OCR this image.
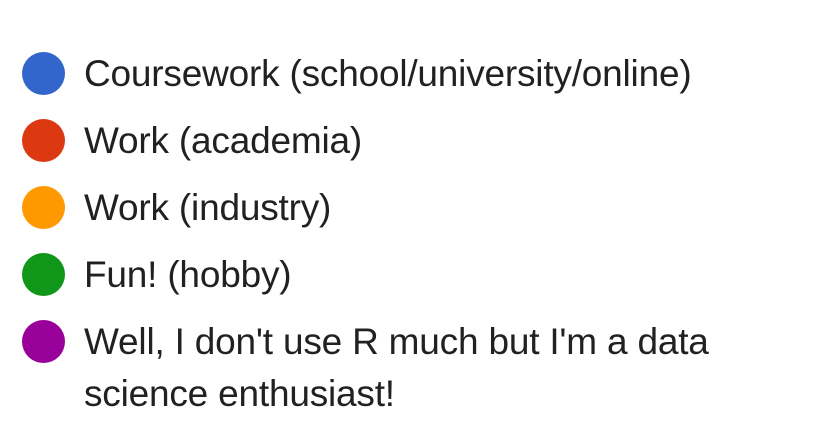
Coursework (school/university/online)
Work (academia)
Work (industry)
Fun! (hobby)
Well, I don't use R much but I'm a data science enthusiast!
